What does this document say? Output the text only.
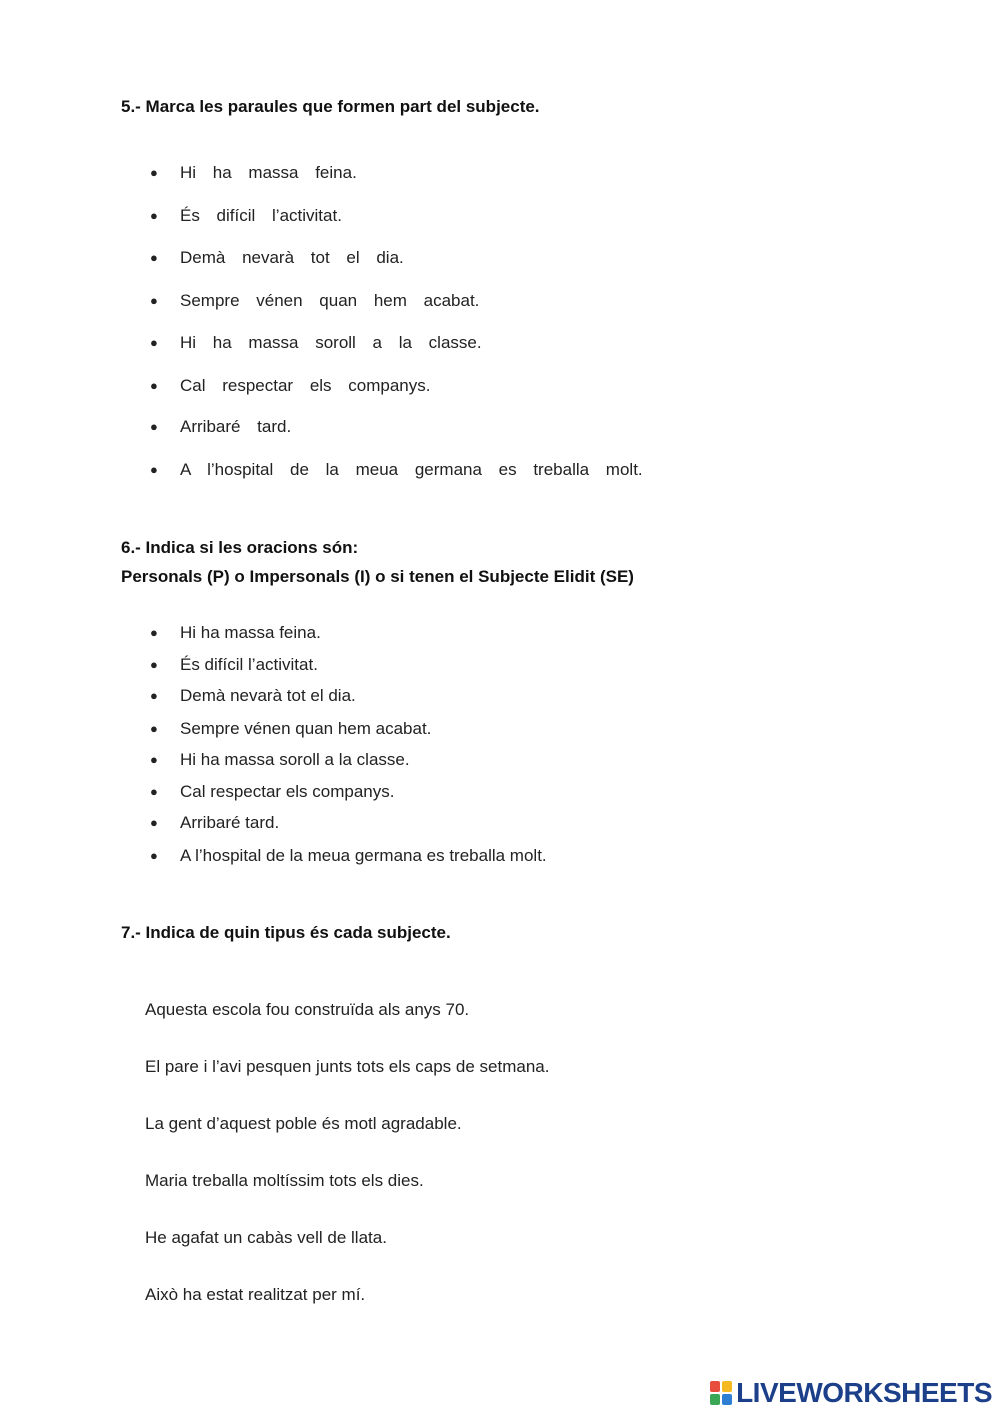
5.- Marca les paraules que formen part del subjecte.
● Hi ha massa feina.
● És difícil l’activitat.
● Demà nevarà tot el dia.
● Sempre vénen quan hem acabat.
● Hi ha massa soroll a la classe.
● Cal respectar els companys.
● Arribaré tard.
● A l’hospital de la meua germana es treballa molt.
6.- Indica si les oracions són:
Personals (P) o Impersonals (I) o si tenen el Subjecte Elidit (SE)
● Hi ha massa feina.
● És difícil l’activitat.
● Demà nevarà tot el dia.
● Sempre vénen quan hem acabat.
● Hi ha massa soroll a la classe.
● Cal respectar els companys.
● Arribaré tard.
● A l’hospital de la meua germana es treballa molt.
7.- Indica de quin tipus és cada subjecte.

Aquesta escola fou construïda als anys 70.

El pare i l’avi pesquen junts tots els caps de setmana.

La gent d’aquest poble és motl agradable.

Maria treballa moltíssim tots els dies.

He agafat un cabàs vell de llata.

Això ha estat realitzat per mí.

LIVEWORKSHEETS
